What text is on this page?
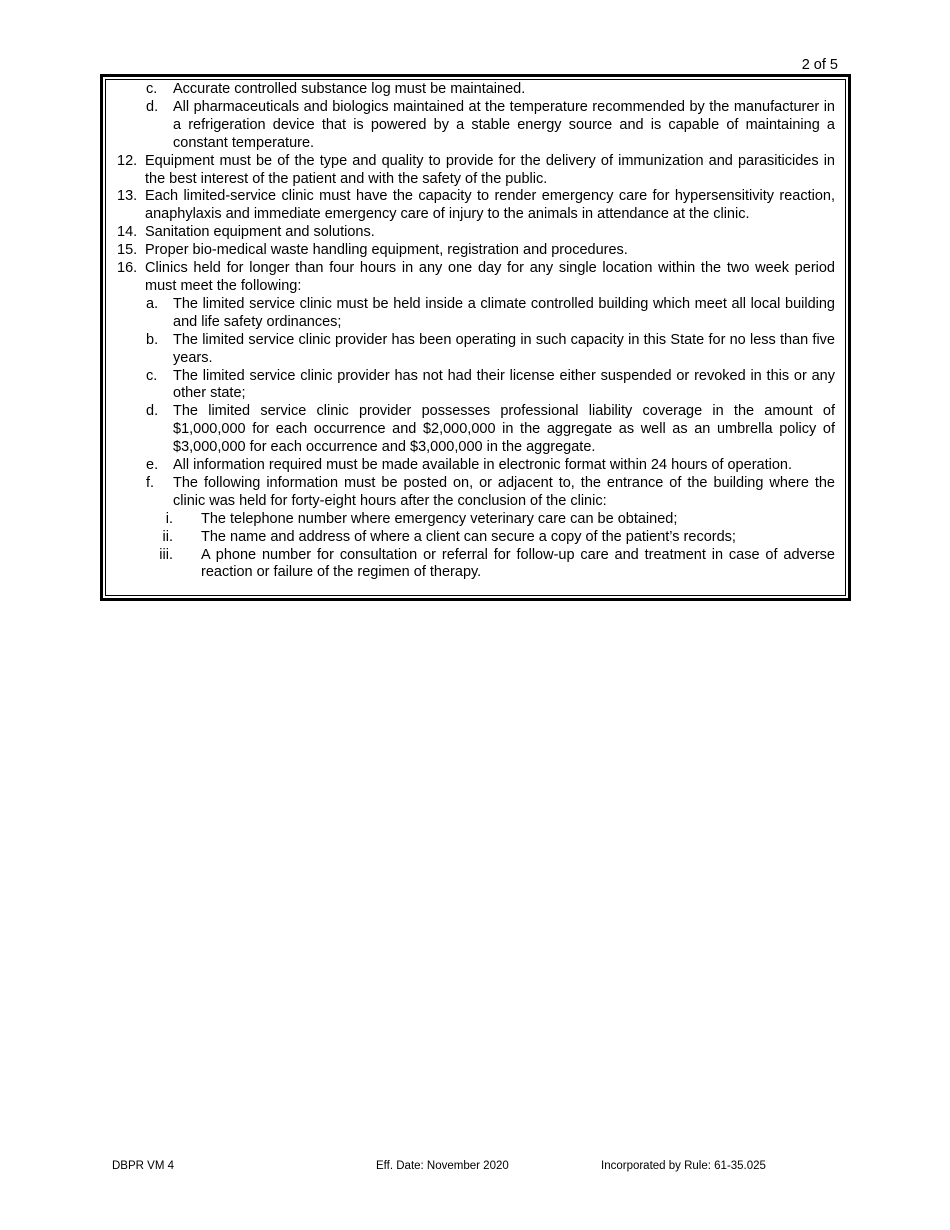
2 of 5
c.	Accurate controlled substance log must be maintained.
d.	All pharmaceuticals and biologics maintained at the temperature recommended by the manufacturer in a refrigeration device that is powered by a stable energy source and is capable of maintaining a constant temperature.
12. Equipment must be of the type and quality to provide for the delivery of immunization and parasiticides in the best interest of the patient and with the safety of the public.
13. Each limited-service clinic must have the capacity to render emergency care for hypersensitivity reaction, anaphylaxis and immediate emergency care of injury to the animals in attendance at the clinic.
14. Sanitation equipment and solutions.
15. Proper bio-medical waste handling equipment, registration and procedures.
16. Clinics held for longer than four hours in any one day for any single location within the two week period must meet the following:
a.	The limited service clinic must be held inside a climate controlled building which meet all local building and life safety ordinances;
b.	The limited service clinic provider has been operating in such capacity in this State for no less than five years.
c.	The limited service clinic provider has not had their license either suspended or revoked in this or any other state;
d.	The limited service clinic provider possesses professional liability coverage in the amount of $1,000,000 for each occurrence and $2,000,000 in the aggregate as well as an umbrella policy of $3,000,000 for each occurrence and $3,000,000 in the aggregate.
e.	All information required must be made available in electronic format within 24 hours of operation.
f.	The following information must be posted on, or adjacent to, the entrance of the building where the clinic was held for forty-eight hours after the conclusion of the clinic:
i.	The telephone number where emergency veterinary care can be obtained;
ii.	The name and address of where a client can secure a copy of the patient’s records;
iii.	A phone number for consultation or referral for follow-up care and treatment in case of adverse reaction or failure of the regimen of therapy.
DBPR VM 4	Eff. Date: November 2020	Incorporated by Rule: 61-35.025
